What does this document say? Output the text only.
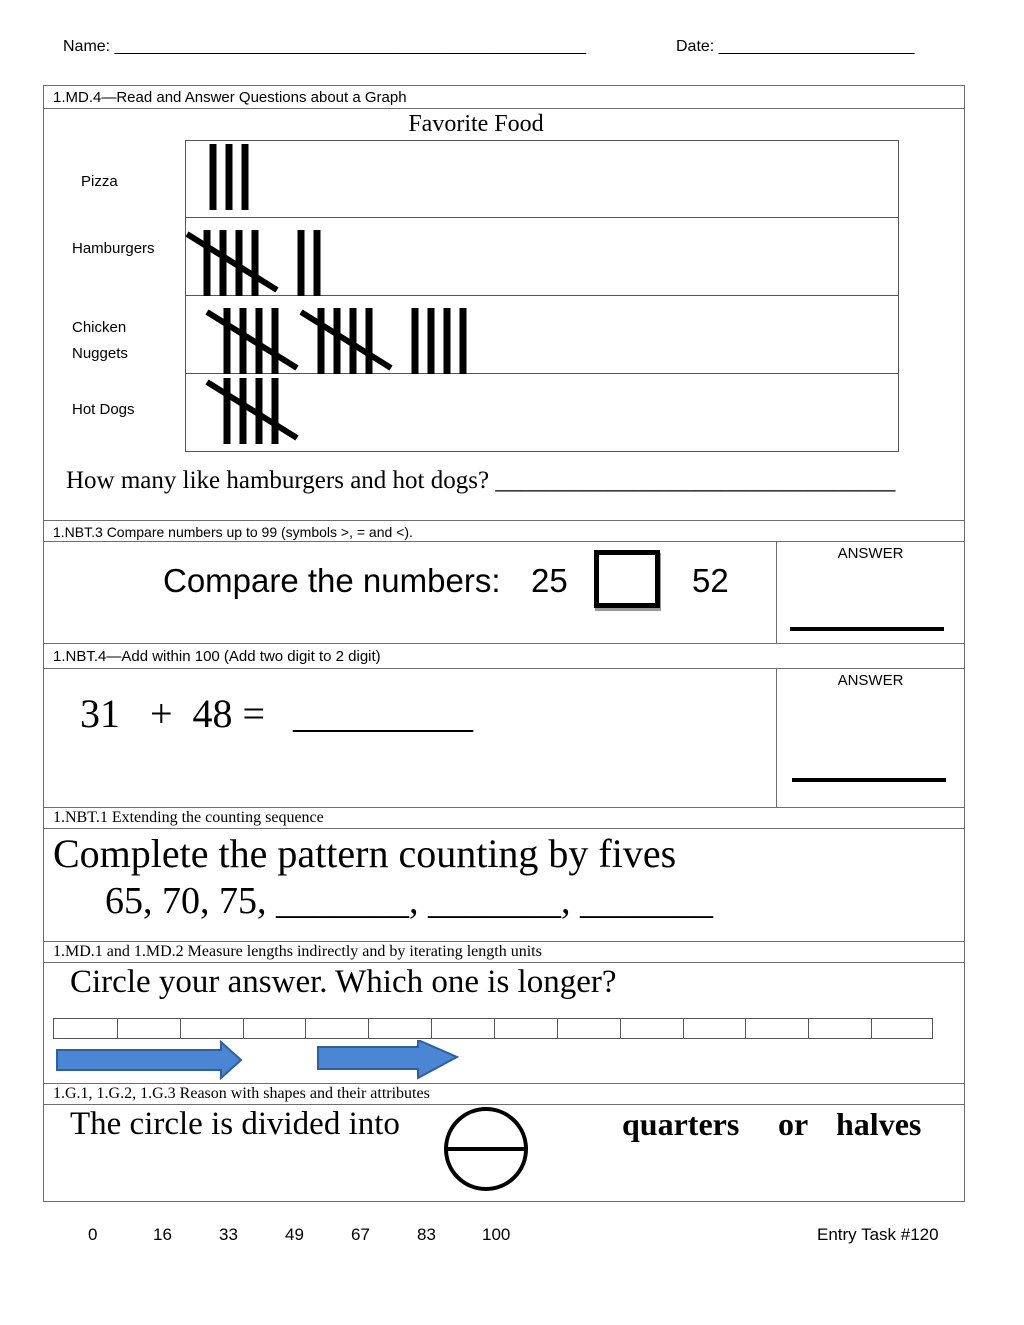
Name: _____________________________________________________	Date: ______________________
1.MD.4—Read and Answer Questions about a Graph
Favorite Food
Pizza
Hamburgers
Chicken
Nuggets
Hot Dogs
How many like hamburgers and hot dogs? ________________________________
1.NBT.3 Compare numbers up to 99 (symbols >, = and <).
Compare the numbers: 25	52
ANSWER
1.NBT.4—Add within 100 (Add two digit to 2 digit)
31   +  48 = _________
ANSWER
1.NBT.1 Extending the counting sequence
Complete the pattern counting by fives
65, 70, 75, _______, _______, _______
1.MD.1 and 1.MD.2 Measure lengths indirectly and by iterating length units
Circle your answer. Which one is longer?
1.G.1, 1.G.2, 1.G.3 Reason with shapes and their attributes
The circle is divided into	quarters or halves
0	16	33	49	67	83	100	Entry Task #120
